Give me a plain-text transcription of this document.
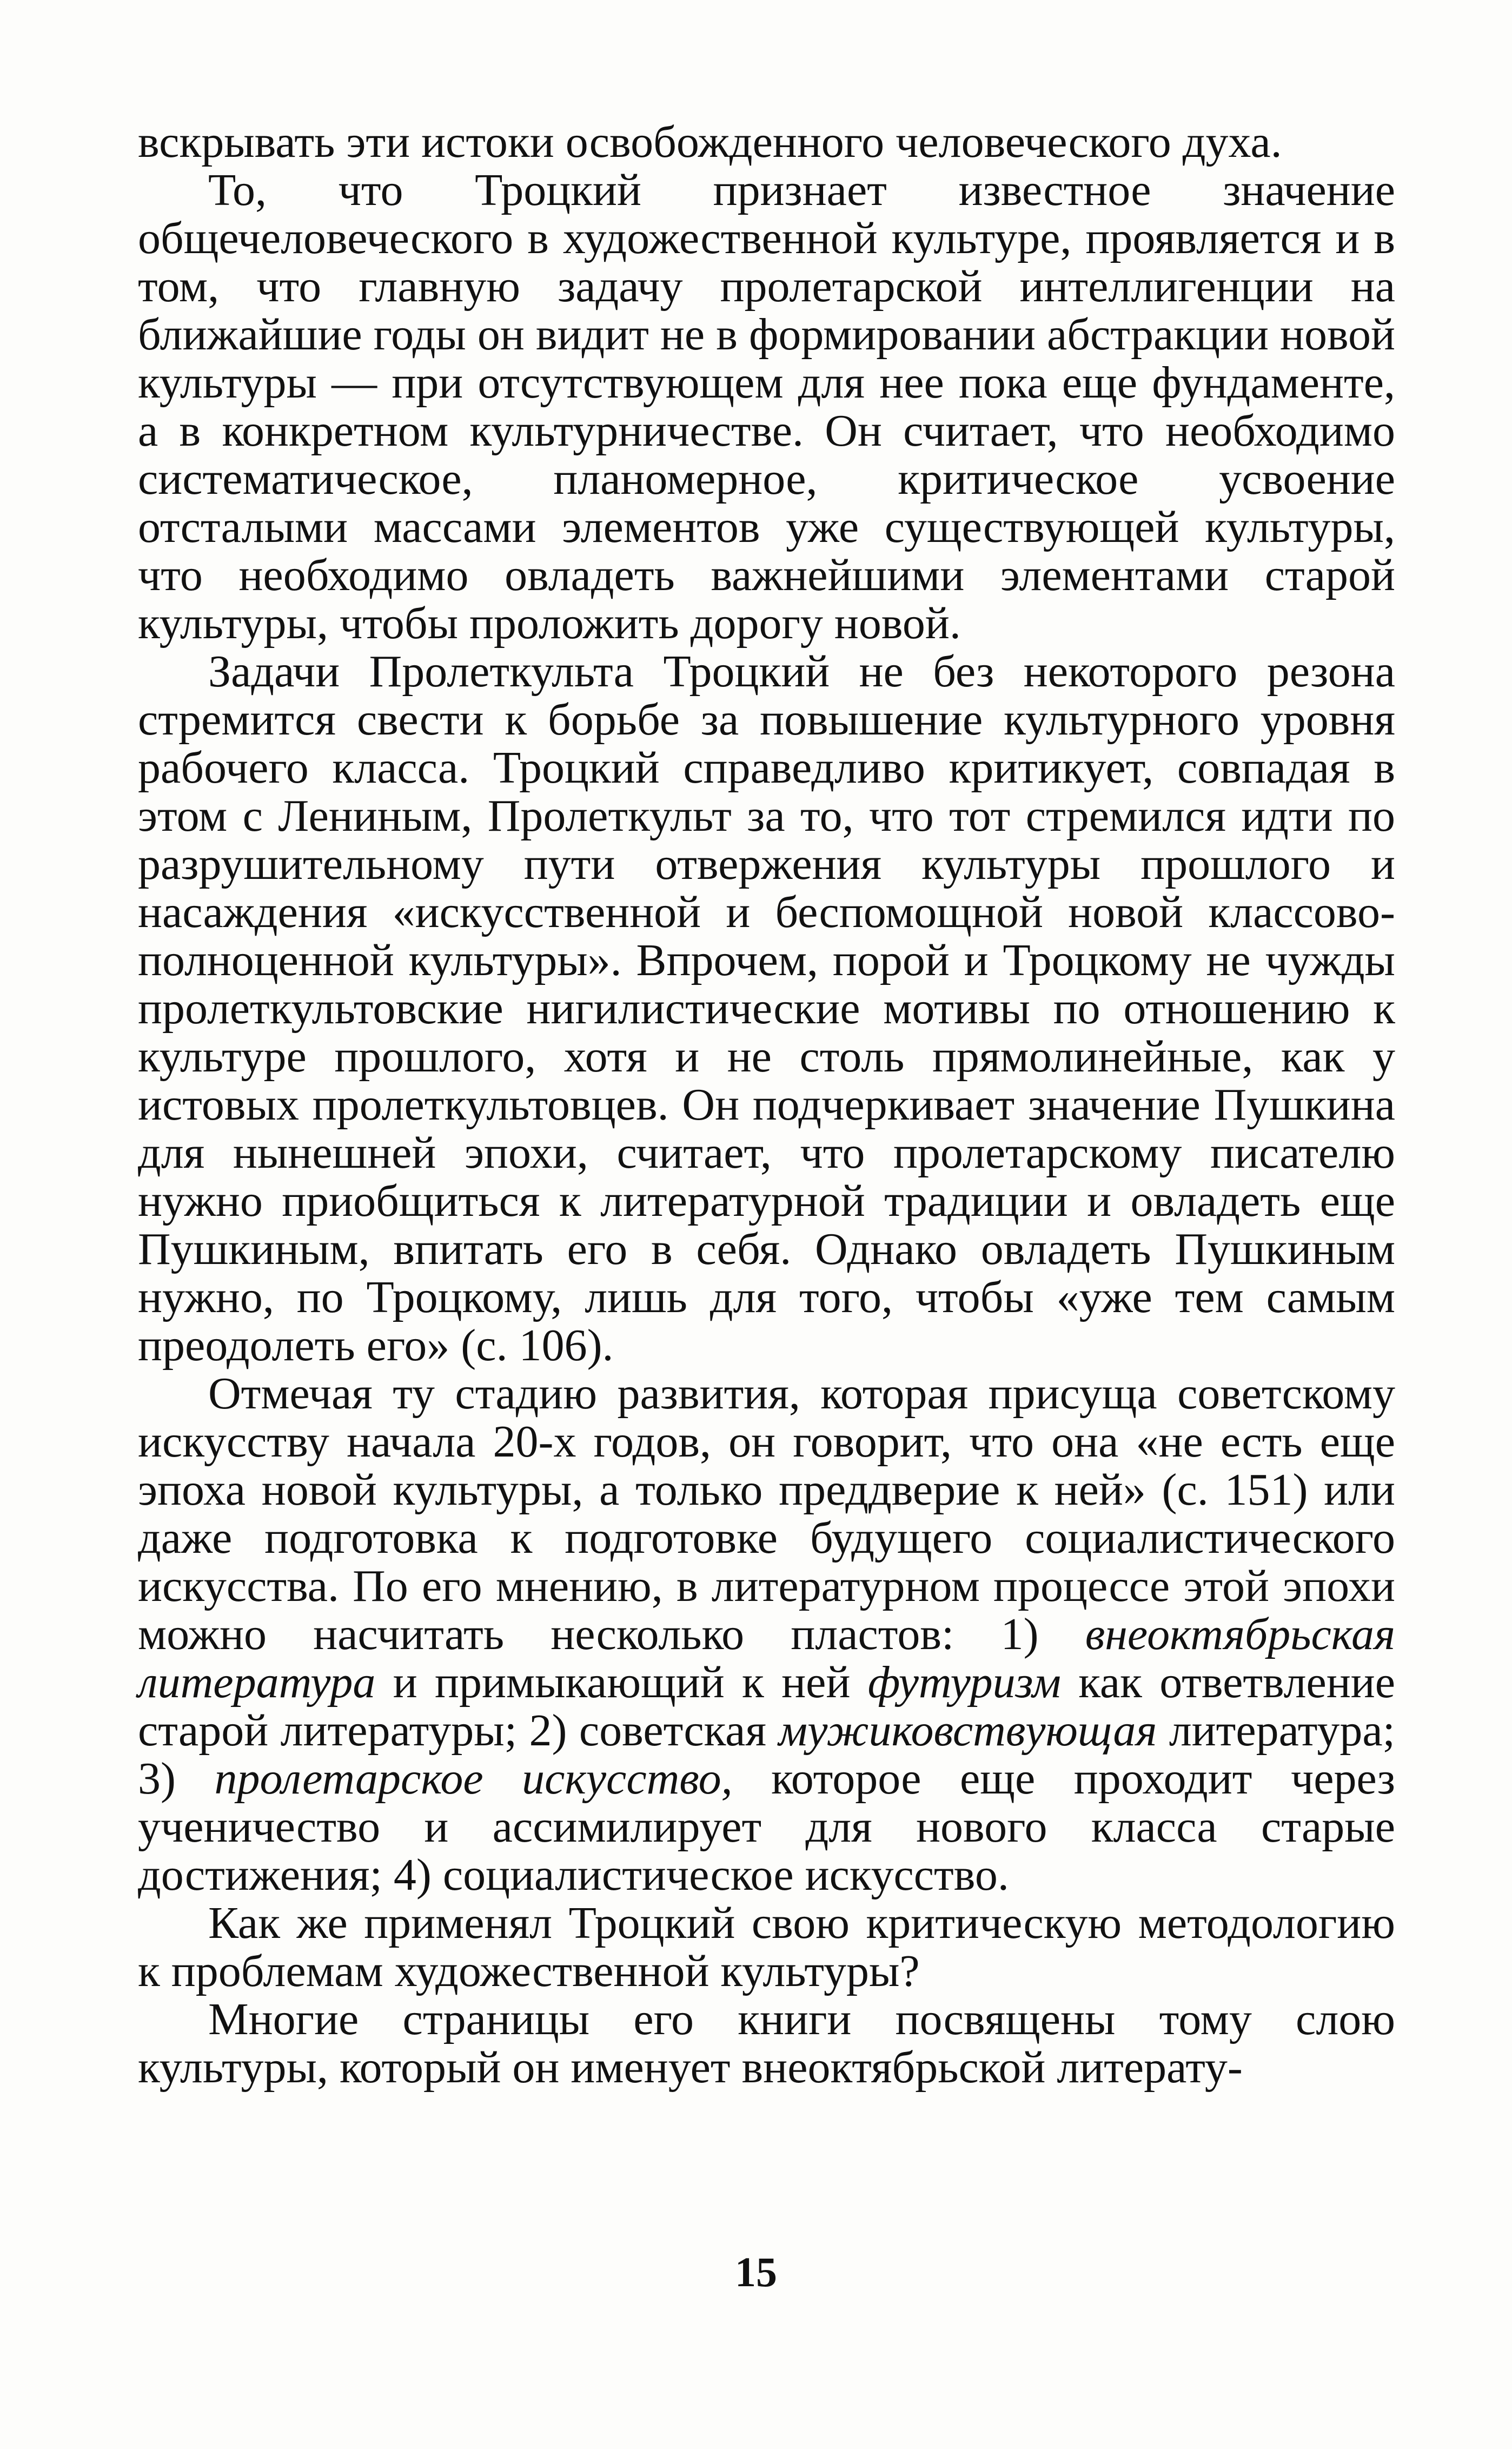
вскрывать эти истоки освобожденного человеческого духа.

То, что Троцкий признает известное значение общечеловеческого в художественной культуре, проявляется и в том, что главную задачу пролетарской интеллигенции на ближайшие годы он видит не в формировании абстракции новой культуры — при отсутствующем для нее пока еще фундаменте, а в конкретном культурничестве. Он считает, что необходимо систематическое, планомерное, критическое усвоение отсталыми массами элементов уже существующей культуры, что необходимо овладеть важнейшими элементами старой культуры, чтобы проложить дорогу новой.

Задачи Пролеткульта Троцкий не без некоторого резона стремится свести к борьбе за повышение культурного уровня рабочего класса. Троцкий справедливо критикует, совпадая в этом с Лениным, Пролеткульт за то, что тот стремился идти по разрушительному пути отвержения культуры прошлого и насаждения «искусственной и беспомощной новой классово-полноценной культуры». Впрочем, порой и Троцкому не чужды пролеткультовские нигилистические мотивы по отношению к культуре прошлого, хотя и не столь прямолинейные, как у истовых пролеткультовцев. Он подчеркивает значение Пушкина для нынешней эпохи, считает, что пролетарскому писателю нужно приобщиться к литературной традиции и овладеть еще Пушкиным, впитать его в себя. Однако овладеть Пушкиным нужно, по Троцкому, лишь для того, чтобы «уже тем самым преодолеть его» (с. 106).

Отмечая ту стадию развития, которая присуща советскому искусству начала 20-х годов, он говорит, что она «не есть еще эпоха новой культуры, а только преддверие к ней» (с. 151) или даже подготовка к подготовке будущего социалистического искусства. По его мнению, в литературном процессе этой эпохи можно насчитать несколько пластов: 1) внеоктябрьская литература и примыкающий к ней футуризм как ответвление старой литературы; 2) советская мужиковствующая литература; 3) пролетарское искусство, которое еще проходит через ученичество и ассимилирует для нового класса старые достижения; 4) социалистическое искусство.

Как же применял Троцкий свою критическую методологию к проблемам художественной культуры?

Многие страницы его книги посвящены тому слою культуры, который он именует внеоктябрьской литерату-

15
